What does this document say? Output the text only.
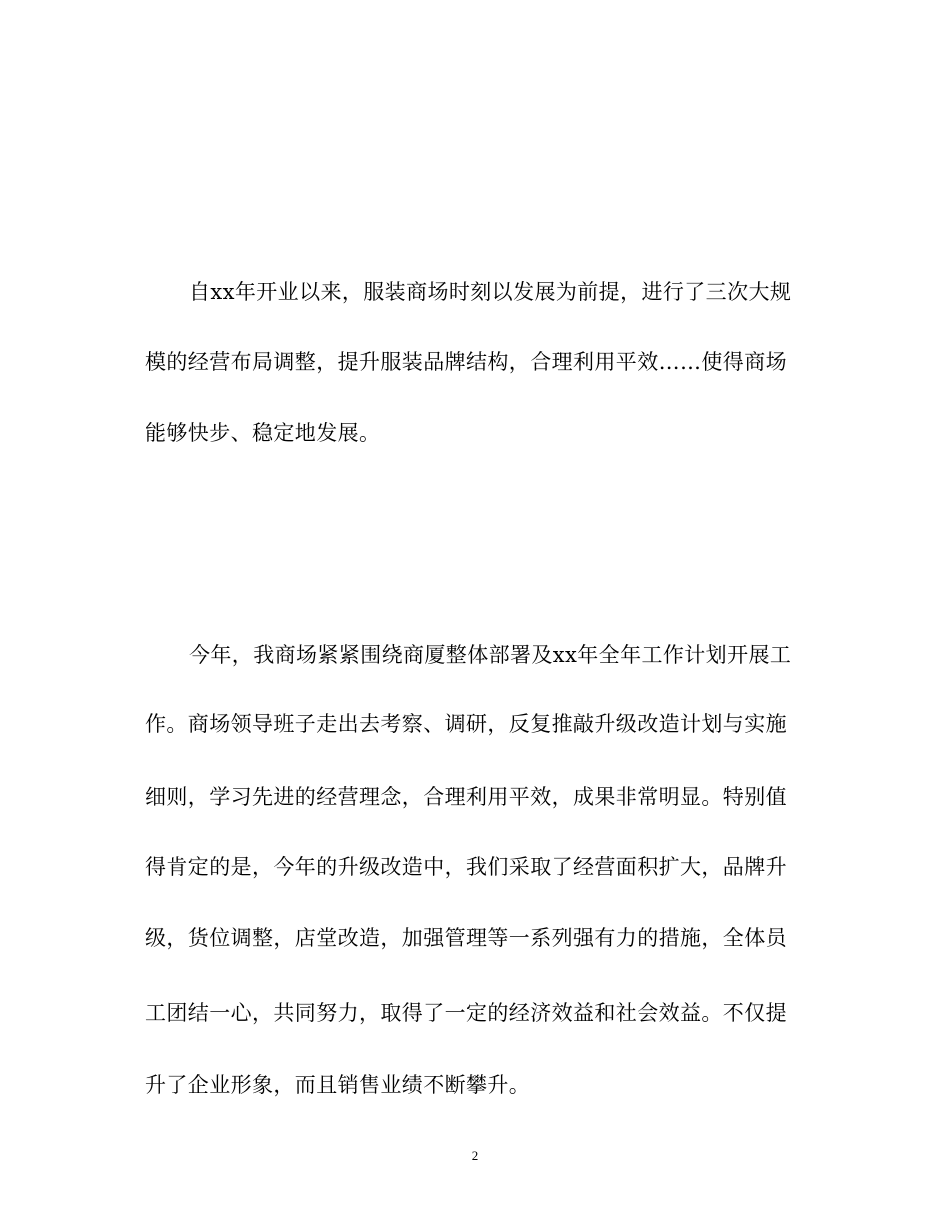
自xx年开业以来，服装商场时刻以发展为前提，进行了三次大规
模的经营布局调整，提升服装品牌结构，合理利用平效……使得商场
能够快步、稳定地发展。
今年，我商场紧紧围绕商厦整体部署及xx年全年工作计划开展工
作。商场领导班子走出去考察、调研，反复推敲升级改造计划与实施
细则，学习先进的经营理念，合理利用平效，成果非常明显。特别值
得肯定的是，今年的升级改造中，我们采取了经营面积扩大，品牌升
级，货位调整，店堂改造，加强管理等一系列强有力的措施，全体员
工团结一心，共同努力，取得了一定的经济效益和社会效益。不仅提
升了企业形象，而且销售业绩不断攀升。
2
